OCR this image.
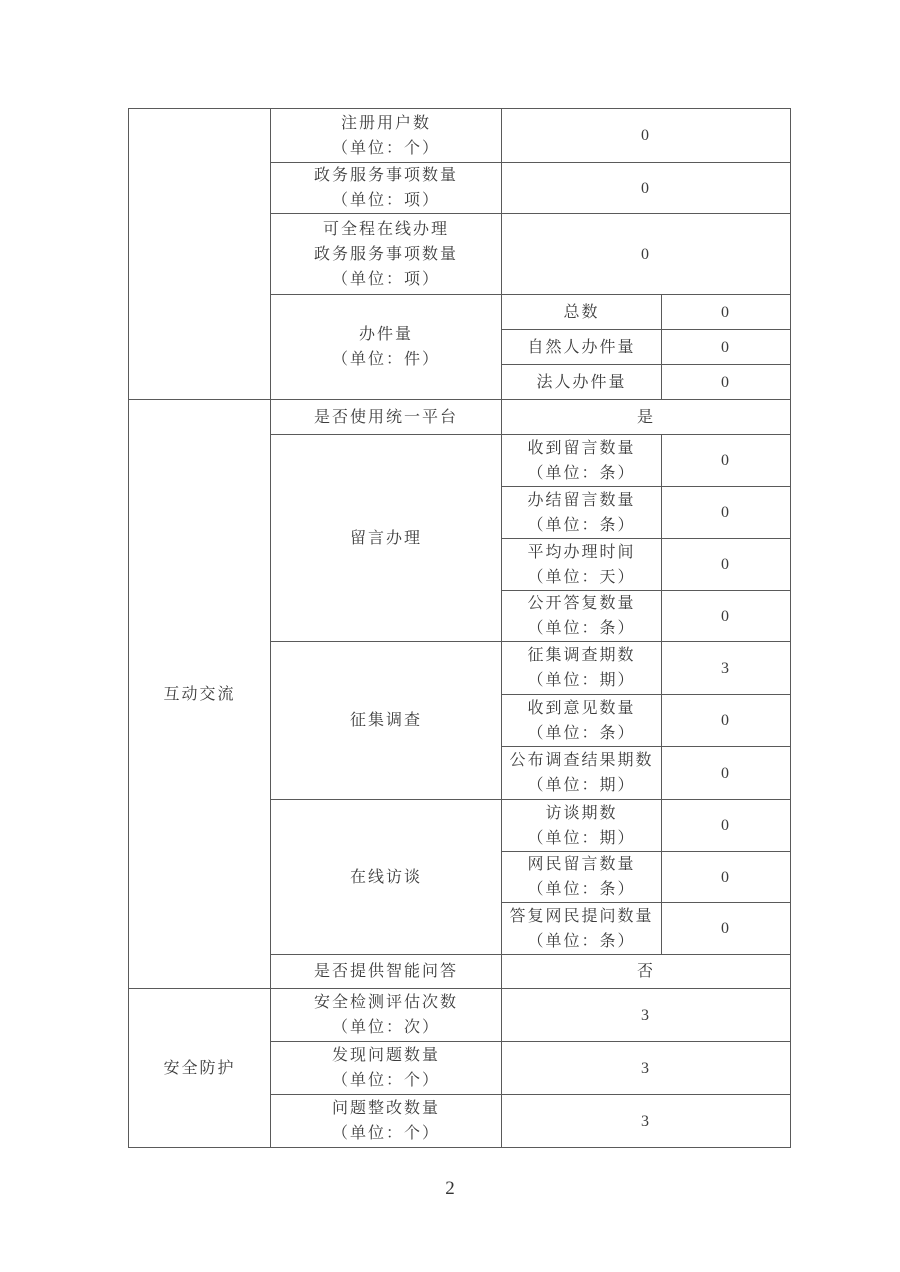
	注册用户数
（单位：个）	0	

	政务服务事项数量
（单位：项）	0	

	可全程在线办理
政务服务事项数量
（单位：项）	0	

	办件量
（单位：件）	总数	0
		自然人办件量	0
		法人办件量	0
互动交流	是否使用统一平台	是	
	留言办理	收到留言数量
（单位：条）	0

		办结留言数量
（单位：条）	0

		平均办理时间
（单位：天）	0

		公开答复数量
（单位：条）	0
	征集调查	征集调查期数
（单位：期）	3

		收到意见数量
（单位：条）	0

		公布调查结果期数
（单位：期）	0
	在线访谈	访谈期数
（单位：期）	0

		网民留言数量
（单位：条）	0

		答复网民提问数量
（单位：条）	0
	是否提供智能问答	否	
安全防护	安全检测评估次数
（单位：次）	3	

	发现问题数量
（单位：个）	3	

	问题整改数量
（单位：个）	3	
2
